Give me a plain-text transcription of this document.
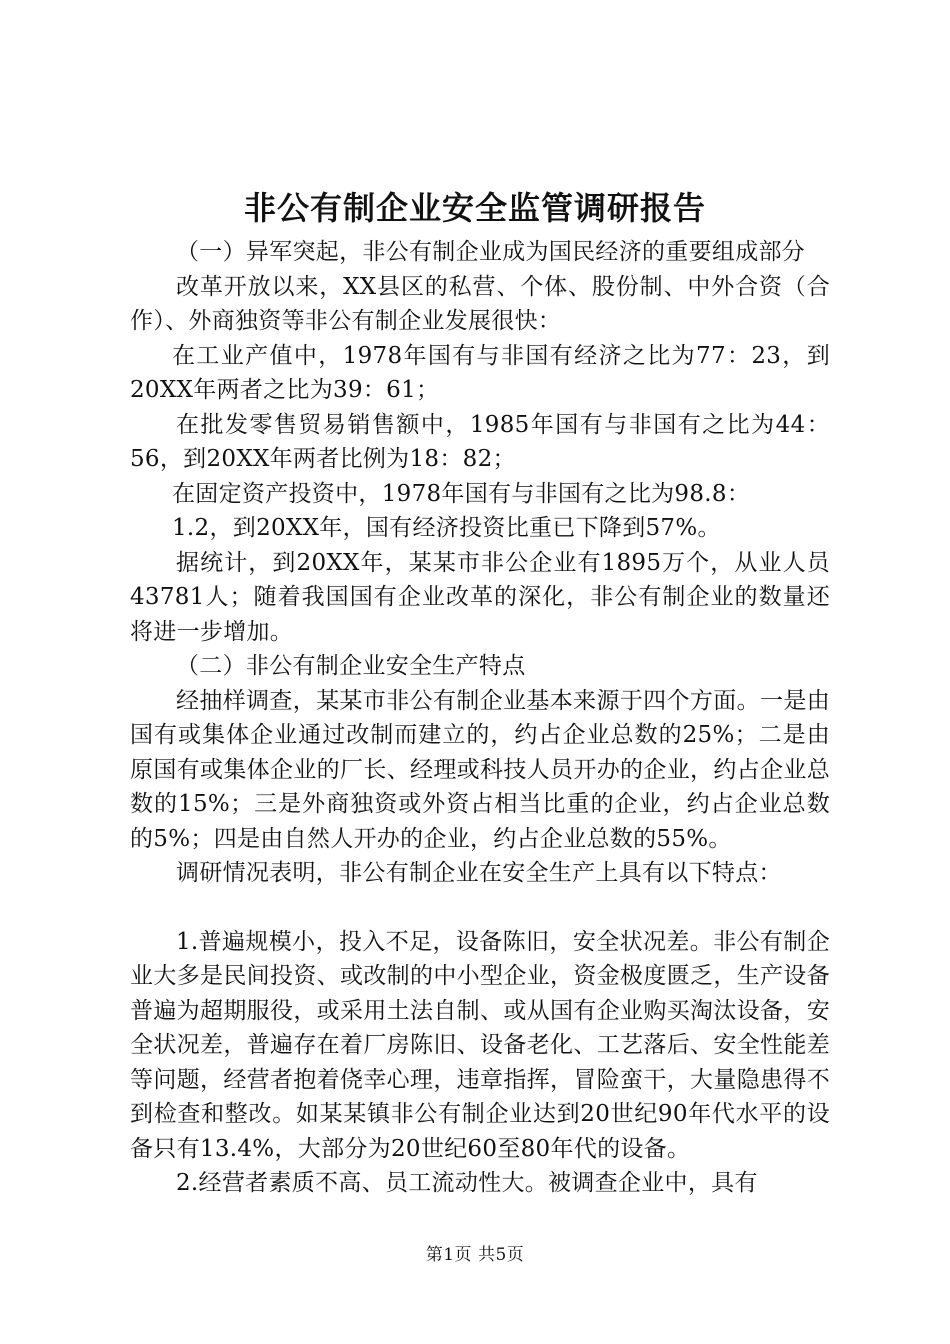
非公有制企业安全监管调研报告

（一）异军突起，非公有制企业成为国民经济的重要组成部分

改革开放以来，XX县区的私营、个体、股份制、中外合资（合作）、外商独资等非公有制企业发展很快：

在工业产值中，1978年国有与非国有经济之比为77：23，到20XX年两者之比为39：61；

在批发零售贸易销售额中，1985年国有与非国有之比为44：56，到20XX年两者比例为18：82；

在固定资产投资中，1978年国有与非国有之比为98.8：

1.2，到20XX年，国有经济投资比重已下降到57%。

据统计，到20XX年，某某市非公企业有1895万个，从业人员43781人；随着我国国有企业改革的深化，非公有制企业的数量还将进一步增加。

（二）非公有制企业安全生产特点

经抽样调查，某某市非公有制企业基本来源于四个方面。一是由国有或集体企业通过改制而建立的，约占企业总数的25%；二是由原国有或集体企业的厂长、经理或科技人员开办的企业，约占企业总数的15%；三是外商独资或外资占相当比重的企业，约占企业总数的5%；四是由自然人开办的企业，约占企业总数的55%。

调研情况表明，非公有制企业在安全生产上具有以下特点：

1.普遍规模小，投入不足，设备陈旧，安全状况差。非公有制企业大多是民间投资、或改制的中小型企业，资金极度匮乏，生产设备普遍为超期服役，或采用土法自制、或从国有企业购买淘汰设备，安全状况差，普遍存在着厂房陈旧、设备老化、工艺落后、安全性能差等问题，经营者抱着侥幸心理，违章指挥，冒险蛮干，大量隐患得不到检查和整改。如某某镇非公有制企业达到20世纪90年代水平的设备只有13.4%，大部分为20世纪60至80年代的设备。

2.经营者素质不高、员工流动性大。被调查企业中，具有

第1页 共5页
